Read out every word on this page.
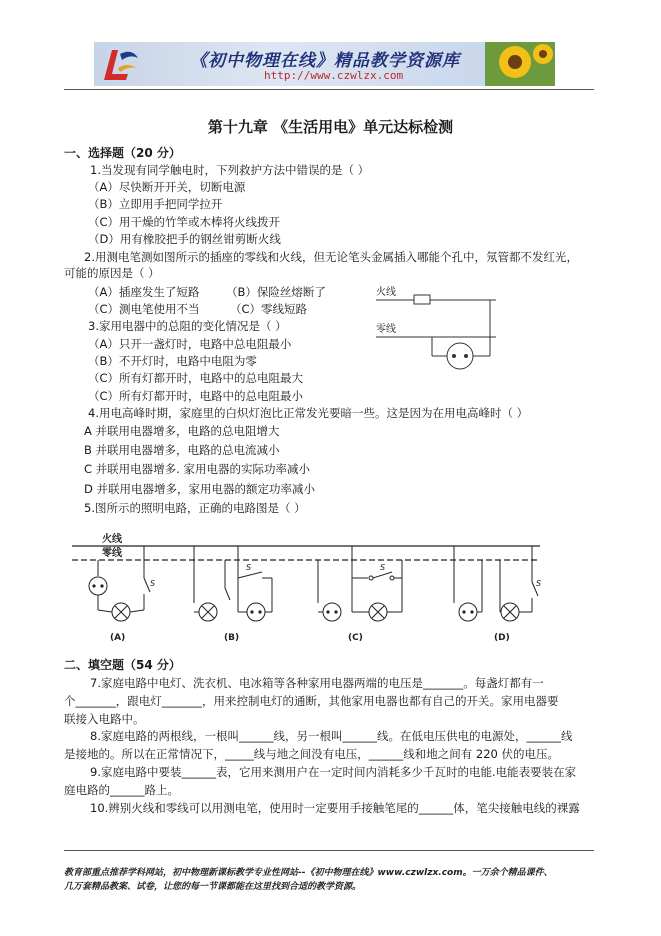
《初中物理在线》精品教学资源库
http://www.czwlzx.com
第十九章 《生活用电》单元达标检测
一、选择题（20 分）
1.当发现有同学触电时，下列救护方法中错误的是（ ）
（A）尽快断开开关，切断电源
（B）立即用手把同学拉开
（C）用干燥的竹竿或木棒将火线拨开
（D）用有橡胶把手的钢丝钳剪断火线
2.用测电笔测如图所示的插座的零线和火线，但无论笔头金属插入哪能个孔中，氖管都不发红光，
可能的原因是（ ）
（A）插座发生了短路 （B）保险丝熔断了
（C）测电笔使用不当	（C）零线短路
3.家用电器中的总阻的变化情况是（ ）
（A）只开一盏灯时，电路中总电阻最小
（B）不开灯时，电路中电阻为零
（C）所有灯都开时，电路中的总电阻最大
（C）所有灯都开时，电路中的总电阻最小
火线
零线
4.用电高峰时期，家庭里的白炽灯泡比正常发光要暗一些。这是因为在用电高峰时（ ）
A 并联用电器增多，电路的总电阻增大
B 并联用电器增多，电路的总电流减小
C 并联用电器增多. 家用电器的实际功率减小
D 并联用电器增多，家用电器的额定功率减小
5.图所示的照明电路，正确的电路图是（ ）
火线
零线
S
(A)
S
(B)
S
(C)
S
(D)
二、填空题（54 分）
7.家庭电路中电灯、洗衣机、电冰箱等各种家用电器两端的电压是_______。每盏灯都有一
个_______，跟电灯_______，用来控制电灯的通断，其他家用电器也都有自己的开关。家用电器要
联接入电路中。
8.家庭电路的两根线，一根叫______线，另一根叫______线。在低电压供电的电源处，______线
是接地的。所以在正常情况下，_____线与地之间没有电压，______线和地之间有 220 伏的电压。
9.家庭电路中要装______表，它用来测用户在一定时间内消耗多少千瓦时的电能.电能表要装在家
庭电路的______路上。
10.辨别火线和零线可以用测电笔，使用时一定要用手接触笔尾的______体，笔尖接触电线的裸露
教育部重点推荐学科网站，初中物理新课标教学专业性网站--《初中物理在线》www.czwlzx.com。一万余个精品课件、
几万套精品教案、试卷，让您的每一节课都能在这里找到合适的教学资源。
